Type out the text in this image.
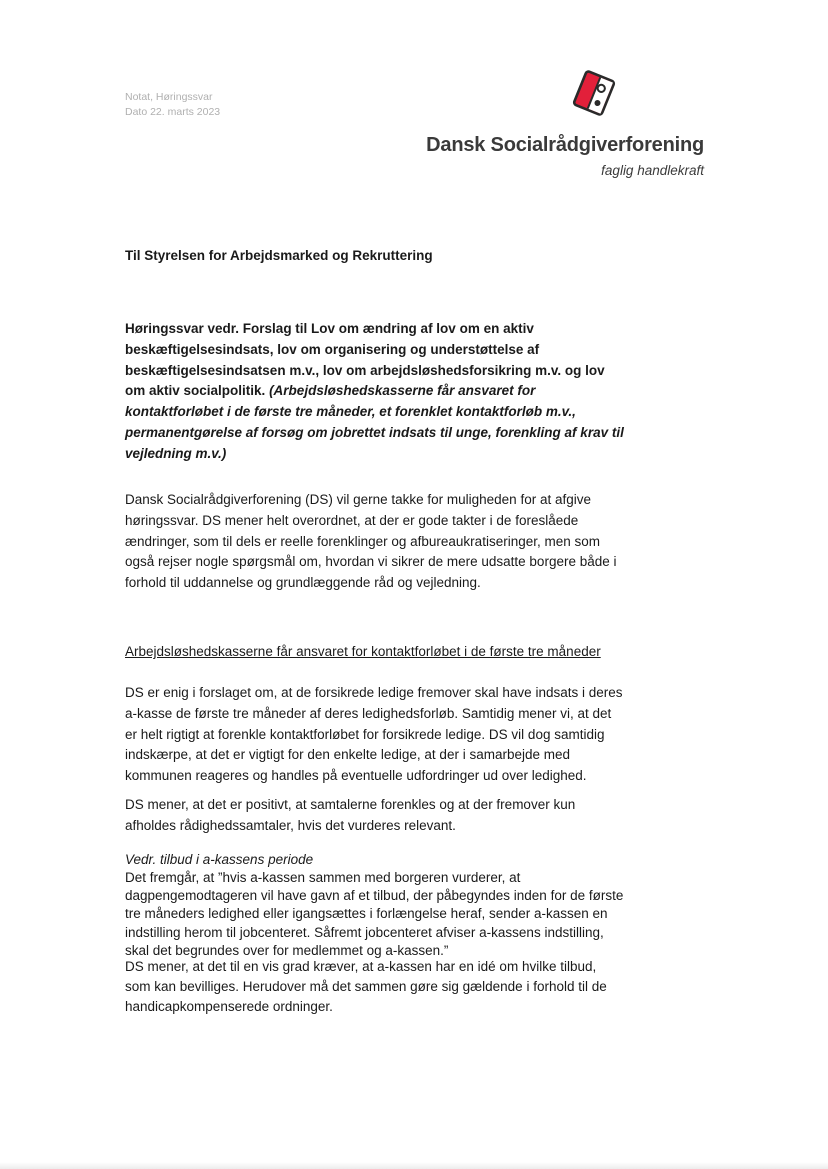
Notat, Høringssvar
Dato 22. marts 2023
Dansk Socialrådgiverforening
faglig handlekraft
Til Styrelsen for Arbejdsmarked og Rekruttering
Høringssvar vedr. Forslag til Lov om ændring af lov om en aktiv beskæftigelsesindsats, lov om organisering og understøttelse af beskæftigelsesindsatsen m.v., lov om arbejdsløshedsforsikring m.v. og lov om aktiv socialpolitik. (Arbejdsløshedskasserne får ansvaret for kontaktforløbet i de første tre måneder, et forenklet kontaktforløb m.v., permanentgørelse af forsøg om jobrettet indsats til unge, forenkling af krav til vejledning m.v.)
Dansk Socialrådgiverforening (DS) vil gerne takke for muligheden for at afgive høringssvar. DS mener helt overordnet, at der er gode takter i de foreslåede ændringer, som til dels er reelle forenklinger og afbureaukratiseringer, men som også rejser nogle spørgsmål om, hvordan vi sikrer de mere udsatte borgere både i forhold til uddannelse og grundlæggende råd og vejledning.
Arbejdsløshedskasserne får ansvaret for kontaktforløbet i de første tre måneder
DS er enig i forslaget om, at de forsikrede ledige fremover skal have indsats i deres a-kasse de første tre måneder af deres ledighedsforløb. Samtidig mener vi, at det er helt rigtigt at forenkle kontaktforløbet for forsikrede ledige. DS vil dog samtidig indskærpe, at det er vigtigt for den enkelte ledige, at der i samarbejde med kommunen reageres og handles på eventuelle udfordringer ud over ledighed.
DS mener, at det er positivt, at samtalerne forenkles og at der fremover kun afholdes rådighedssamtaler, hvis det vurderes relevant.
Vedr. tilbud i a-kassens periode
Det fremgår, at ”hvis a-kassen sammen med borgeren vurderer, at dagpengemodtageren vil have gavn af et tilbud, der påbegyndes inden for de første tre måneders ledighed eller igangsættes i forlængelse heraf, sender a-kassen en indstilling herom til jobcenteret. Såfremt jobcenteret afviser a-kassens indstilling, skal det begrundes over for medlemmet og a-kassen.”
DS mener, at det til en vis grad kræver, at a-kassen har en idé om hvilke tilbud, som kan bevilliges. Herudover må det sammen gøre sig gældende i forhold til de handicapkompenserede ordninger.
